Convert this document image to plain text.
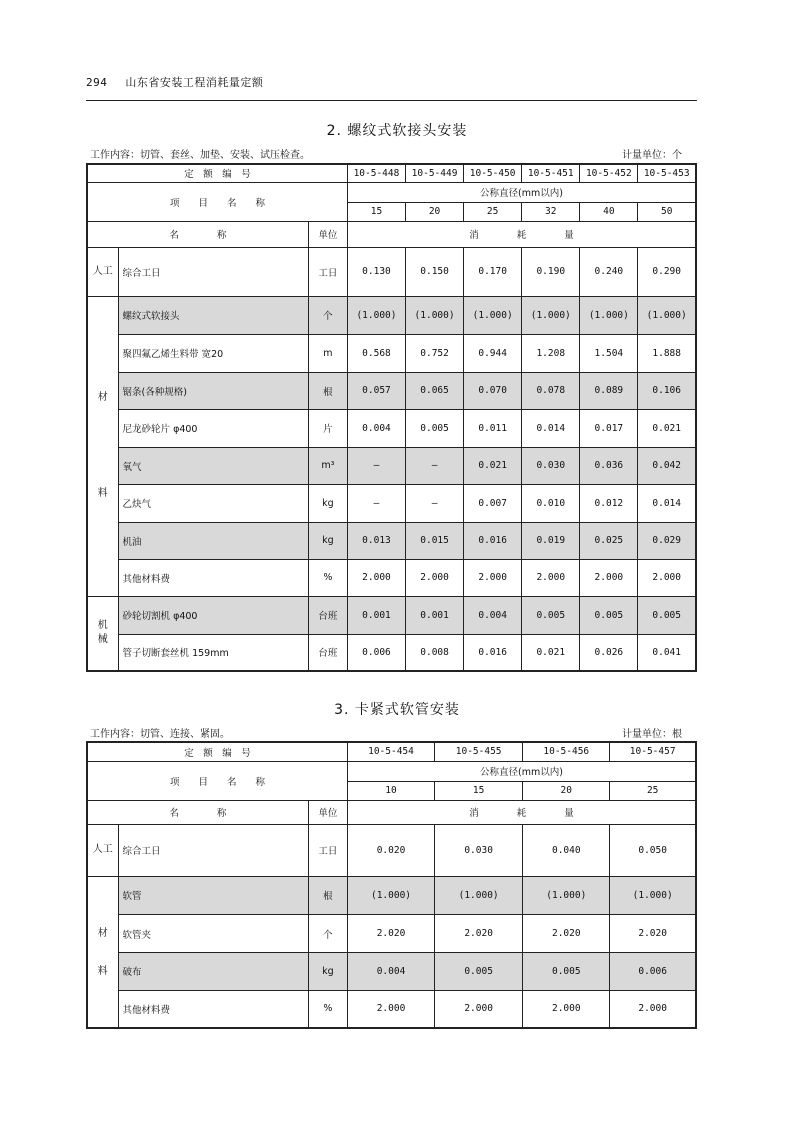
294 山东省安装工程消耗量定额
2. 螺纹式软接头安装
工作内容：切管、套丝、加垫、安装、试压检查。	计量单位：个
定　额　编　号			10-5-448	10-5-449	10-5-450	10-5-451	10-5-452	10-5-453
项　　目　　名　　称			公称直径(mm以内)					
			15	20	25	32	40	50
名　　　　称		单位	消　　　　耗　　　　量					
人工	综合工日	工日	0.130	0.150	0.170	0.190	0.240	0.290

材
料	螺纹式软接头	个	(1.000)	(1.000)	(1.000)	(1.000)	(1.000)	(1.000)
	聚四氟乙烯生料带 宽20	m	0.568	0.752	0.944	1.208	1.504	1.888
	锯条(各种规格)	根	0.057	0.065	0.070	0.078	0.089	0.106
	尼龙砂轮片 φ400	片	0.004	0.005	0.011	0.014	0.017	0.021
	氧气	m³	—	—	0.021	0.030	0.036	0.042
	乙炔气	kg	—	—	0.007	0.010	0.012	0.014
	机油	kg	0.013	0.015	0.016	0.019	0.025	0.029
	其他材料费	%	2.000	2.000	2.000	2.000	2.000	2.000

机
械	砂轮切割机 φ400	台班	0.001	0.001	0.004	0.005	0.005	0.005
	管子切断套丝机 159mm	台班	0.006	0.008	0.016	0.021	0.026	0.041
3. 卡紧式软管安装
工作内容：切管、连接、紧固。	计量单位：根
定　额　编　号			10-5-454	10-5-455	10-5-456	10-5-457
项　　目　　名　　称			公称直径(mm以内)			
			10	15	20	25
名　　　　称		单位	消　　　　耗　　　　量			
人工	综合工日	工日	0.020	0.030	0.040	0.050

材
料	软管	根	(1.000)	(1.000)	(1.000)	(1.000)
	软管夹	个	2.020	2.020	2.020	2.020
	破布	kg	0.004	0.005	0.005	0.006
	其他材料费	%	2.000	2.000	2.000	2.000
